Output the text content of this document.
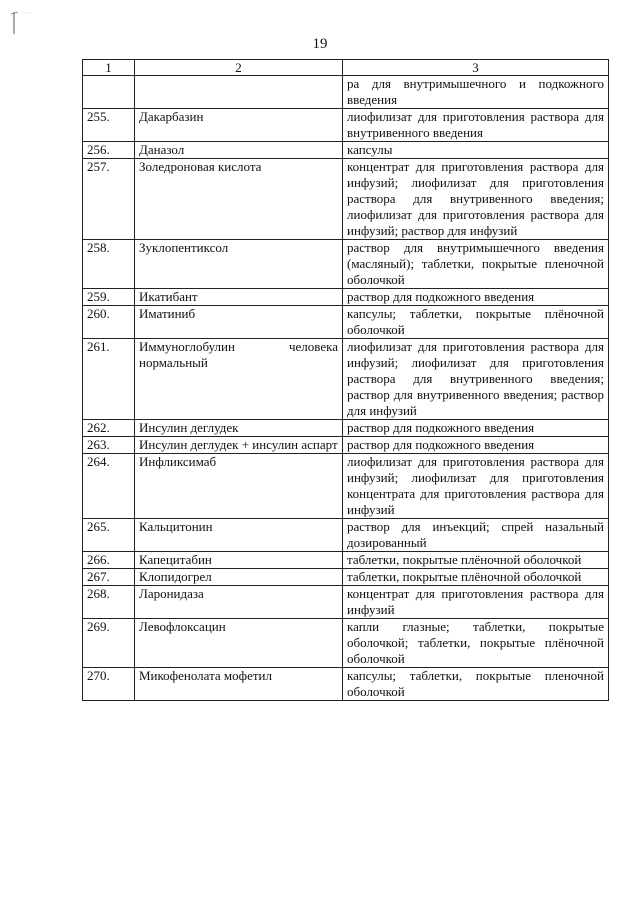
19
1	2	3
		ра для внутримышечного и подкожного введения
255.	Дакарбазин	лиофилизат для приготовления раствора для внутривенного введения
256.	Даназол	капсулы
257.	Золедроновая кислота	концентрат для приготовления раствора для инфузий; лиофилизат для приготовления раствора для внутривенного введения; лиофилизат для приготовления раствора для инфузий; раствор для инфузий
258.	Зуклопентиксол	раствор для внутримышечного введения (масляный); таблетки, покрытые пленочной оболочкой
259.	Икатибант	раствор для подкожного введения
260.	Иматиниб	капсулы; таблетки, покрытые плёночной оболочкой
261.	Иммуноглобулин человека нормальный	лиофилизат для приготовления раствора для инфузий; лиофилизат для приготовления раствора для внутривенного введения; раствор для внутривенного введения; раствор для инфузий
262.	Инсулин деглудек	раствор для подкожного введения
263.	Инсулин деглудек + инсулин аспарт	раствор для подкожного введения
264.	Инфликсимаб	лиофилизат для приготовления раствора для инфузий; лиофилизат для приготовления концентрата для приготовления раствора для инфузий
265.	Кальцитонин	раствор для инъекций; спрей назальный дозированный
266.	Капецитабин	таблетки, покрытые плёночной оболочкой
267.	Клопидогрел	таблетки, покрытые плёночной оболочкой
268.	Ларонидаза	концентрат для приготовления раствора для инфузий
269.	Левофлоксацин	капли глазные; таблетки, покрытые оболочкой; таблетки, покрытые плёночной оболочкой
270.	Микофенолата мофетил	капсулы; таблетки, покрытые пленочной оболочкой
